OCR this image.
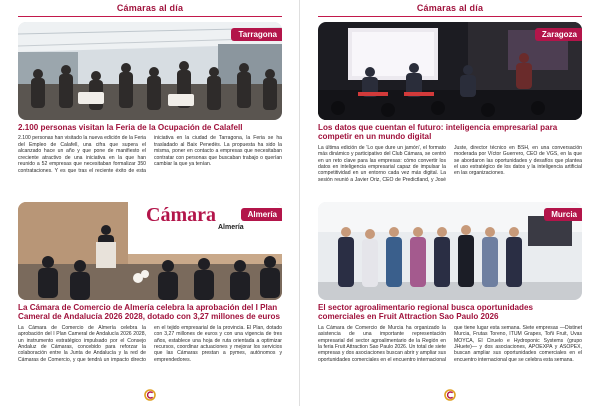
Cámaras al día
Tarragona
2.100 personas visitan la Feria de la Ocupación de Calafell
2.100 personas han visitado la nueva edición de la Feria del Empleo de Calafell, una cifra que supera el alcanzado hace un año y que pone de manifiesto el creciente atractivo de una iniciativa en la que han reunido a 52 empresas que necesitaban formalizar 350 contrataciones. Y es que tras el reciente éxito de esta iniciativa en la ciudad de Tarragona, la Feria se ha trasladado al Baix Penedès. La propuesta ha sido la misma, poner en contacto a empresas que necesitaban contratar con personas que buscaban trabajo o querían cambiar la que ya tenían.
Cámara	Almería
Almería
La Cámara de Comercio de Almería celebra la aprobación del I Plan Cameral de Andalucía 2026 2028, dotado con 3,27 millones de euros
La Cámara de Comercio de Almería celebra la aprobación del I Plan Cameral de Andalucía 2026 2028, un instrumento estratégico impulsado por el Consejo Andaluz de Cámaras, concebido para reforzar la colaboración entre la Junta de Andalucía y la red de Cámaras de Comercio, y que tendrá un impacto directo en el tejido empresarial de la provincia. El Plan, dotado con 3,27 millones de euros y con una vigencia de tres años, establece una hoja de ruta orientada a optimizar recursos, coordinar actuaciones y mejorar los servicios que las Cámaras prestan a pymes, autónomos y emprendedores.
Cámaras al día
Zaragoza
Los datos que cuentan el futuro: inteligencia empresarial para competir en un mundo digital
La última edición de 'Lo que dure un jamón', el formato más dinámico y participativo del Club Cámara, se centró en un reto clave para las empresas: cómo convertir los datos en inteligencia empresarial capaz de impulsar la competitividad en un entorno cada vez más digital. La sesión reunió a Javier Oriz, CEO de Predictland, y José Juste, director técnico en BSH, en una conversación moderada por Víctor Guerrero, CEO de VGS, en la que se abordaron las oportunidades y desafíos que plantea el uso estratégico de los datos y la inteligencia artificial en las organizaciones.
Murcia
El sector agroalimentario regional busca oportunidades comerciales en Fruit Attraction Sao Paulo 2026
La Cámara de Comercio de Murcia ha organizado la asistencia de una importante representación empresarial del sector agroalimentario de la Región en la feria Fruit Attraction Sao Paulo 2026. Un total de siete empresas y dos asociaciones buscan abrir y ampliar sus oportunidades comerciales en el encuentro internacional que tiene lugar esta semana. Siete empresas —Distinet Murcia, Frutas Toreno, ITUM Grapes, Toñi Fruit, Uvas MOYCA, El Ciruelo e Hydroponic Systems (grupo JHuete)— y dos asociaciones, APOEXPA y ASOPEX, buscan ampliar sus oportunidades comerciales en el encuentro internacional que se celebra esta semana.
